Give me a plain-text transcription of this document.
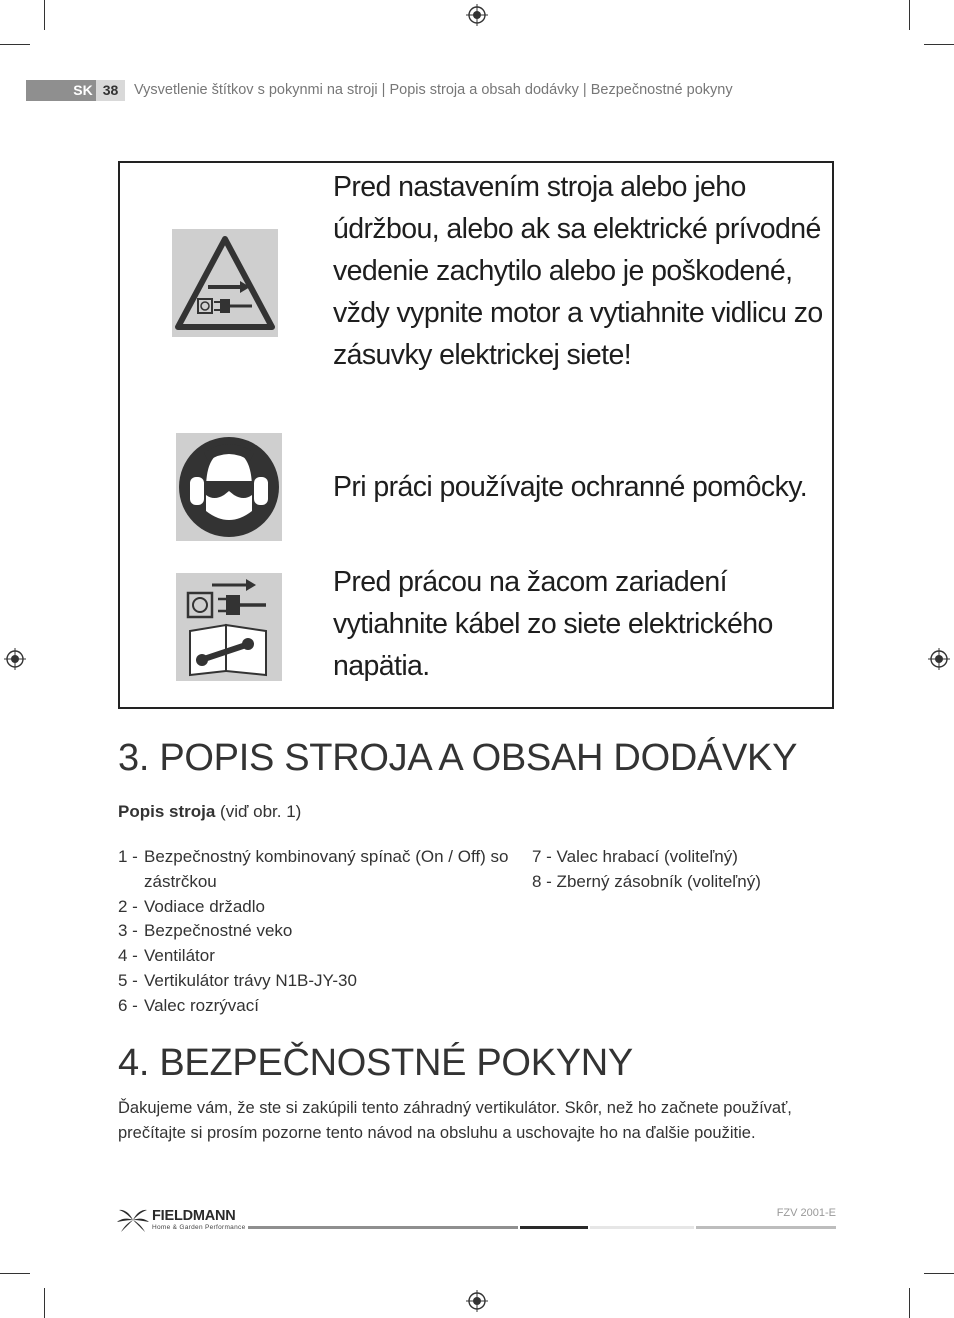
SK 38	Vysvetlenie štítkov s pokynmi na stroji | Popis stroja a obsah dodávky | Bezpečnostné pokyny
Pred nastavením stroja alebo jeho údržbou, alebo ak sa elektrické prívodné vedenie zachytilo alebo je poškodené, vždy vypnite motor a vytiahnite vidlicu zo zásuvky elektrickej siete!
Pri práci používajte ochranné pomôcky.
Pred prácou na žacom zariadení vytiahnite kábel zo siete elektrického napätia.
3. POPIS STROJA A OBSAH DODÁVKY
Popis stroja (viď obr. 1)
1 - Bezpečnostný kombinovaný spínač (On / Off) so zástrčkou
2 - Vodiace držadlo
3 - Bezpečnostné veko
4 - Ventilátor
5 - Vertikulátor trávy N1B-JY-30
6 - Valec rozrývací
7 - Valec hrabací (voliteľný)
8 - Zberný zásobník (voliteľný)
4. BEZPEČNOSTNÉ POKYNY
Ďakujeme vám, že ste si zakúpili tento záhradný vertikulátor. Skôr, než ho začnete používať, prečítajte si prosím pozorne tento návod na obsluhu a uschovajte ho na ďalšie použitie.
FIELDMANN
Home & Garden Performance
FZV 2001-E
